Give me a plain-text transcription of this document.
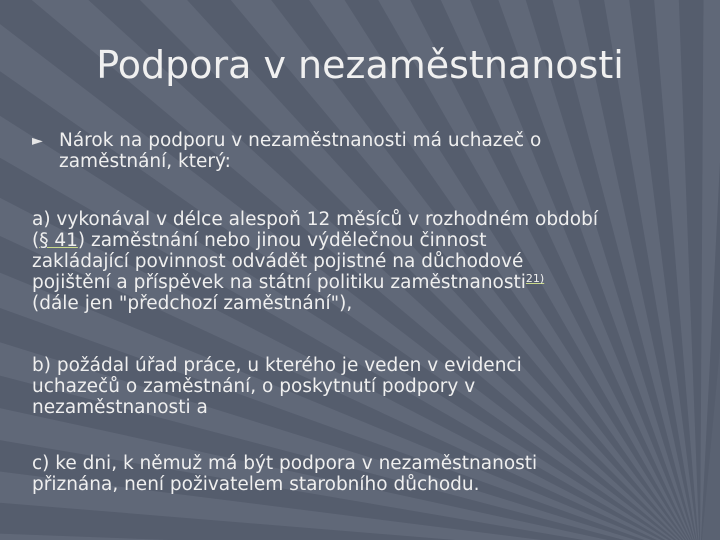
Podpora v nezaměstnanosti
► Nárok na podporu v nezaměstnanosti má uchazeč o
zaměstnání, který:
a) vykonával v délce alespoň 12 měsíců v rozhodném období
(§ 41) zaměstnání nebo jinou výdělečnou činnost
zakládající povinnost odvádět pojistné na důchodové
pojištění a příspěvek na státní politiku zaměstnanosti$^{21)}$
(dále jen "předchozí zaměstnání"),
b) požádal úřad práce, u kterého je veden v evidenci
uchazečů o zaměstnání, o poskytnutí podpory v
nezaměstnanosti a
c) ke dni, k němuž má být podpora v nezaměstnanosti
přiznána, není poživatelem starobního důchodu.
